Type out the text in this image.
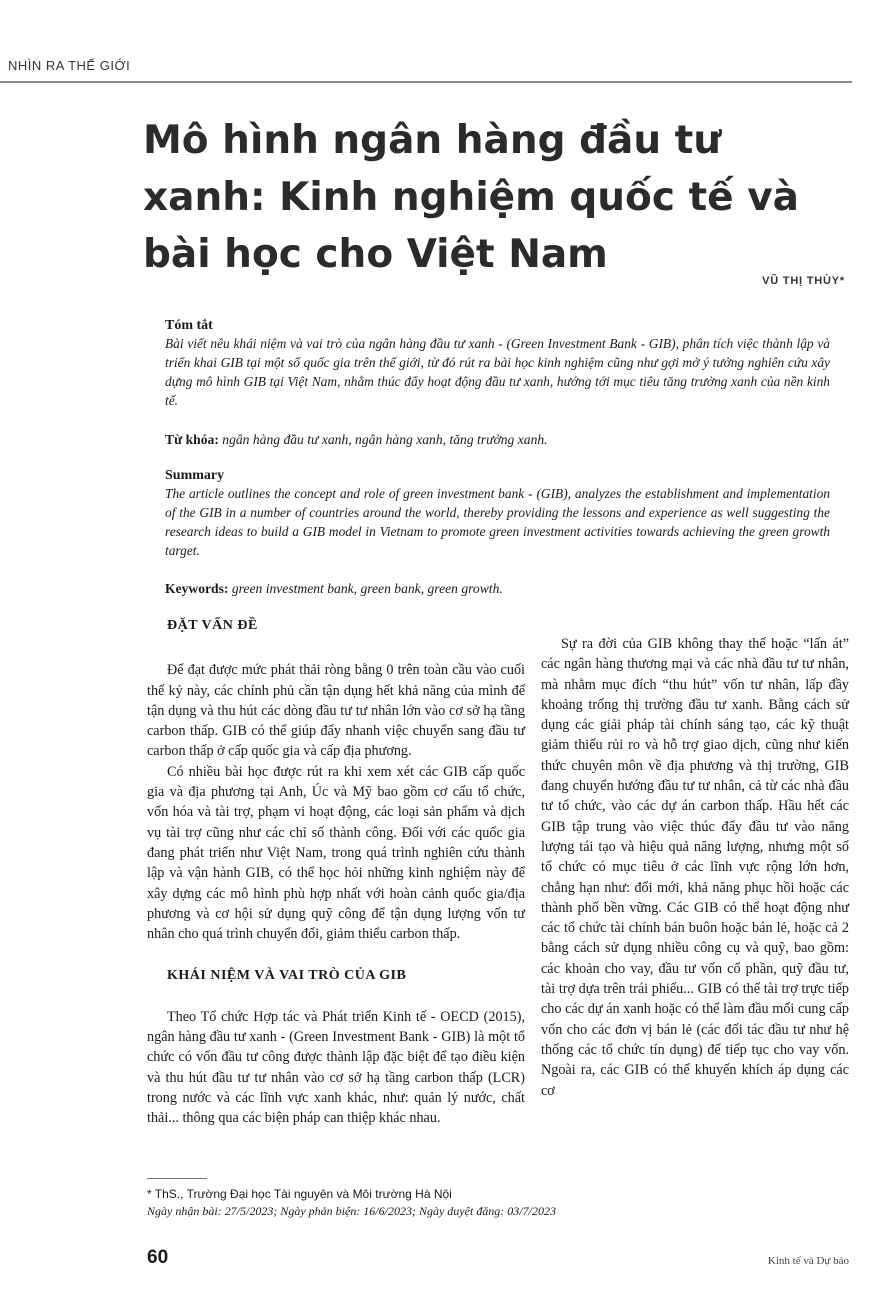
NHÌN RA THẾ GIỚI
Mô hình ngân hàng đầu tư xanh: Kinh nghiệm quốc tế và bài học cho Việt Nam
VŨ THỊ THÙY*
Tóm tắt
Bài viết nêu khái niệm và vai trò của ngân hàng đầu tư xanh - (Green Investment Bank - GIB), phân tích việc thành lập và triển khai GIB tại một số quốc gia trên thế giới, từ đó rút ra bài học kinh nghiệm cũng như gợi mở ý tưởng nghiên cứu xây dựng mô hình GIB tại Việt Nam, nhằm thúc đẩy hoạt động đầu tư xanh, hướng tới mục tiêu tăng trưởng xanh của nền kinh tế.
Từ khóa: ngân hàng đầu tư xanh, ngân hàng xanh, tăng trưởng xanh.
Summary
The article outlines the concept and role of green investment bank - (GIB), analyzes the establishment and implementation of the GIB in a number of countries around the world, thereby providing the lessons and experience as well suggesting the research ideas to build a GIB model in Vietnam to promote green investment activities towards achieving the green growth target.
Keywords: green investment bank, green bank, green growth.
ĐẶT VẤN ĐỀ

Để đạt được mức phát thải ròng bằng 0 trên toàn cầu vào cuối thế kỷ này, các chính phủ cần tận dụng hết khả năng của mình để tận dụng và thu hút các dòng đầu tư tư nhân lớn vào cơ sở hạ tầng carbon thấp. GIB có thể giúp đẩy nhanh việc chuyển sang đầu tư carbon thấp ở cấp quốc gia và cấp địa phương.

Có nhiều bài học được rút ra khi xem xét các GIB cấp quốc gia và địa phương tại Anh, Úc và Mỹ bao gồm cơ cấu tổ chức, vốn hóa và tài trợ, phạm vi hoạt động, các loại sản phẩm và dịch vụ tài trợ cũng như các chỉ số thành công. Đối với các quốc gia đang phát triển như Việt Nam, trong quá trình nghiên cứu thành lập và vận hành GIB, có thể học hỏi những kinh nghiệm này để xây dựng các mô hình phù hợp nhất với hoàn cảnh quốc gia/địa phương và cơ hội sử dụng quỹ công để tận dụng lượng vốn tư nhân cho quá trình chuyển đổi, giảm thiểu carbon thấp.

KHÁI NIỆM VÀ VAI TRÒ CỦA GIB

Theo Tổ chức Hợp tác và Phát triển Kinh tế - OECD (2015), ngân hàng đầu tư xanh - (Green Investment Bank - GIB) là một tổ chức có vốn đầu tư công được thành lập đặc biệt để tạo điều kiện và thu hút đầu tư tư nhân vào cơ sở hạ tầng carbon thấp (LCR) trong nước và các lĩnh vực xanh khác, như: quản lý nước, chất thải... thông qua các biện pháp can thiệp khác nhau.

Sự ra đời của GIB không thay thế hoặc “lấn át” các ngân hàng thương mại và các nhà đầu tư tư nhân, mà nhằm mục đích “thu hút” vốn tư nhân, lấp đầy khoảng trống thị trường đầu tư xanh. Bằng cách sử dụng các giải pháp tài chính sáng tạo, các kỹ thuật giảm thiểu rủi ro và hỗ trợ giao dịch, cũng như kiến thức chuyên môn về địa phương và thị trường, GIB đang chuyển hướng đầu tư tư nhân, cả từ các nhà đầu tư tổ chức, vào các dự án carbon thấp. Hầu hết các GIB tập trung vào việc thúc đẩy đầu tư vào năng lượng tái tạo và hiệu quả năng lượng, nhưng một số tổ chức có mục tiêu ở các lĩnh vực rộng lớn hơn, chẳng hạn như: đổi mới, khả năng phục hồi hoặc các thành phố bền vững. Các GIB có thể hoạt động như các tổ chức tài chính bán buôn hoặc bán lẻ, hoặc cả 2 bằng cách sử dụng nhiều công cụ và quỹ, bao gồm: các khoản cho vay, đầu tư vốn cổ phần, quỹ đầu tư, tài trợ dựa trên trái phiếu... GIB có thể tài trợ trực tiếp cho các dự án xanh hoặc có thể làm đầu mối cung cấp vốn cho các đơn vị bán lẻ (các đối tác đầu tư như hệ thống các tổ chức tín dụng) để tiếp tục cho vay vốn. Ngoài ra, các GIB có thể khuyến khích áp dụng các cơ

* ThS., Trường Đại học Tài nguyên và Môi trường Hà Nội
Ngày nhận bài: 27/5/2023; Ngày phản biện: 16/6/2023; Ngày duyệt đăng: 03/7/2023
60	Kinh tế và Dự báo
